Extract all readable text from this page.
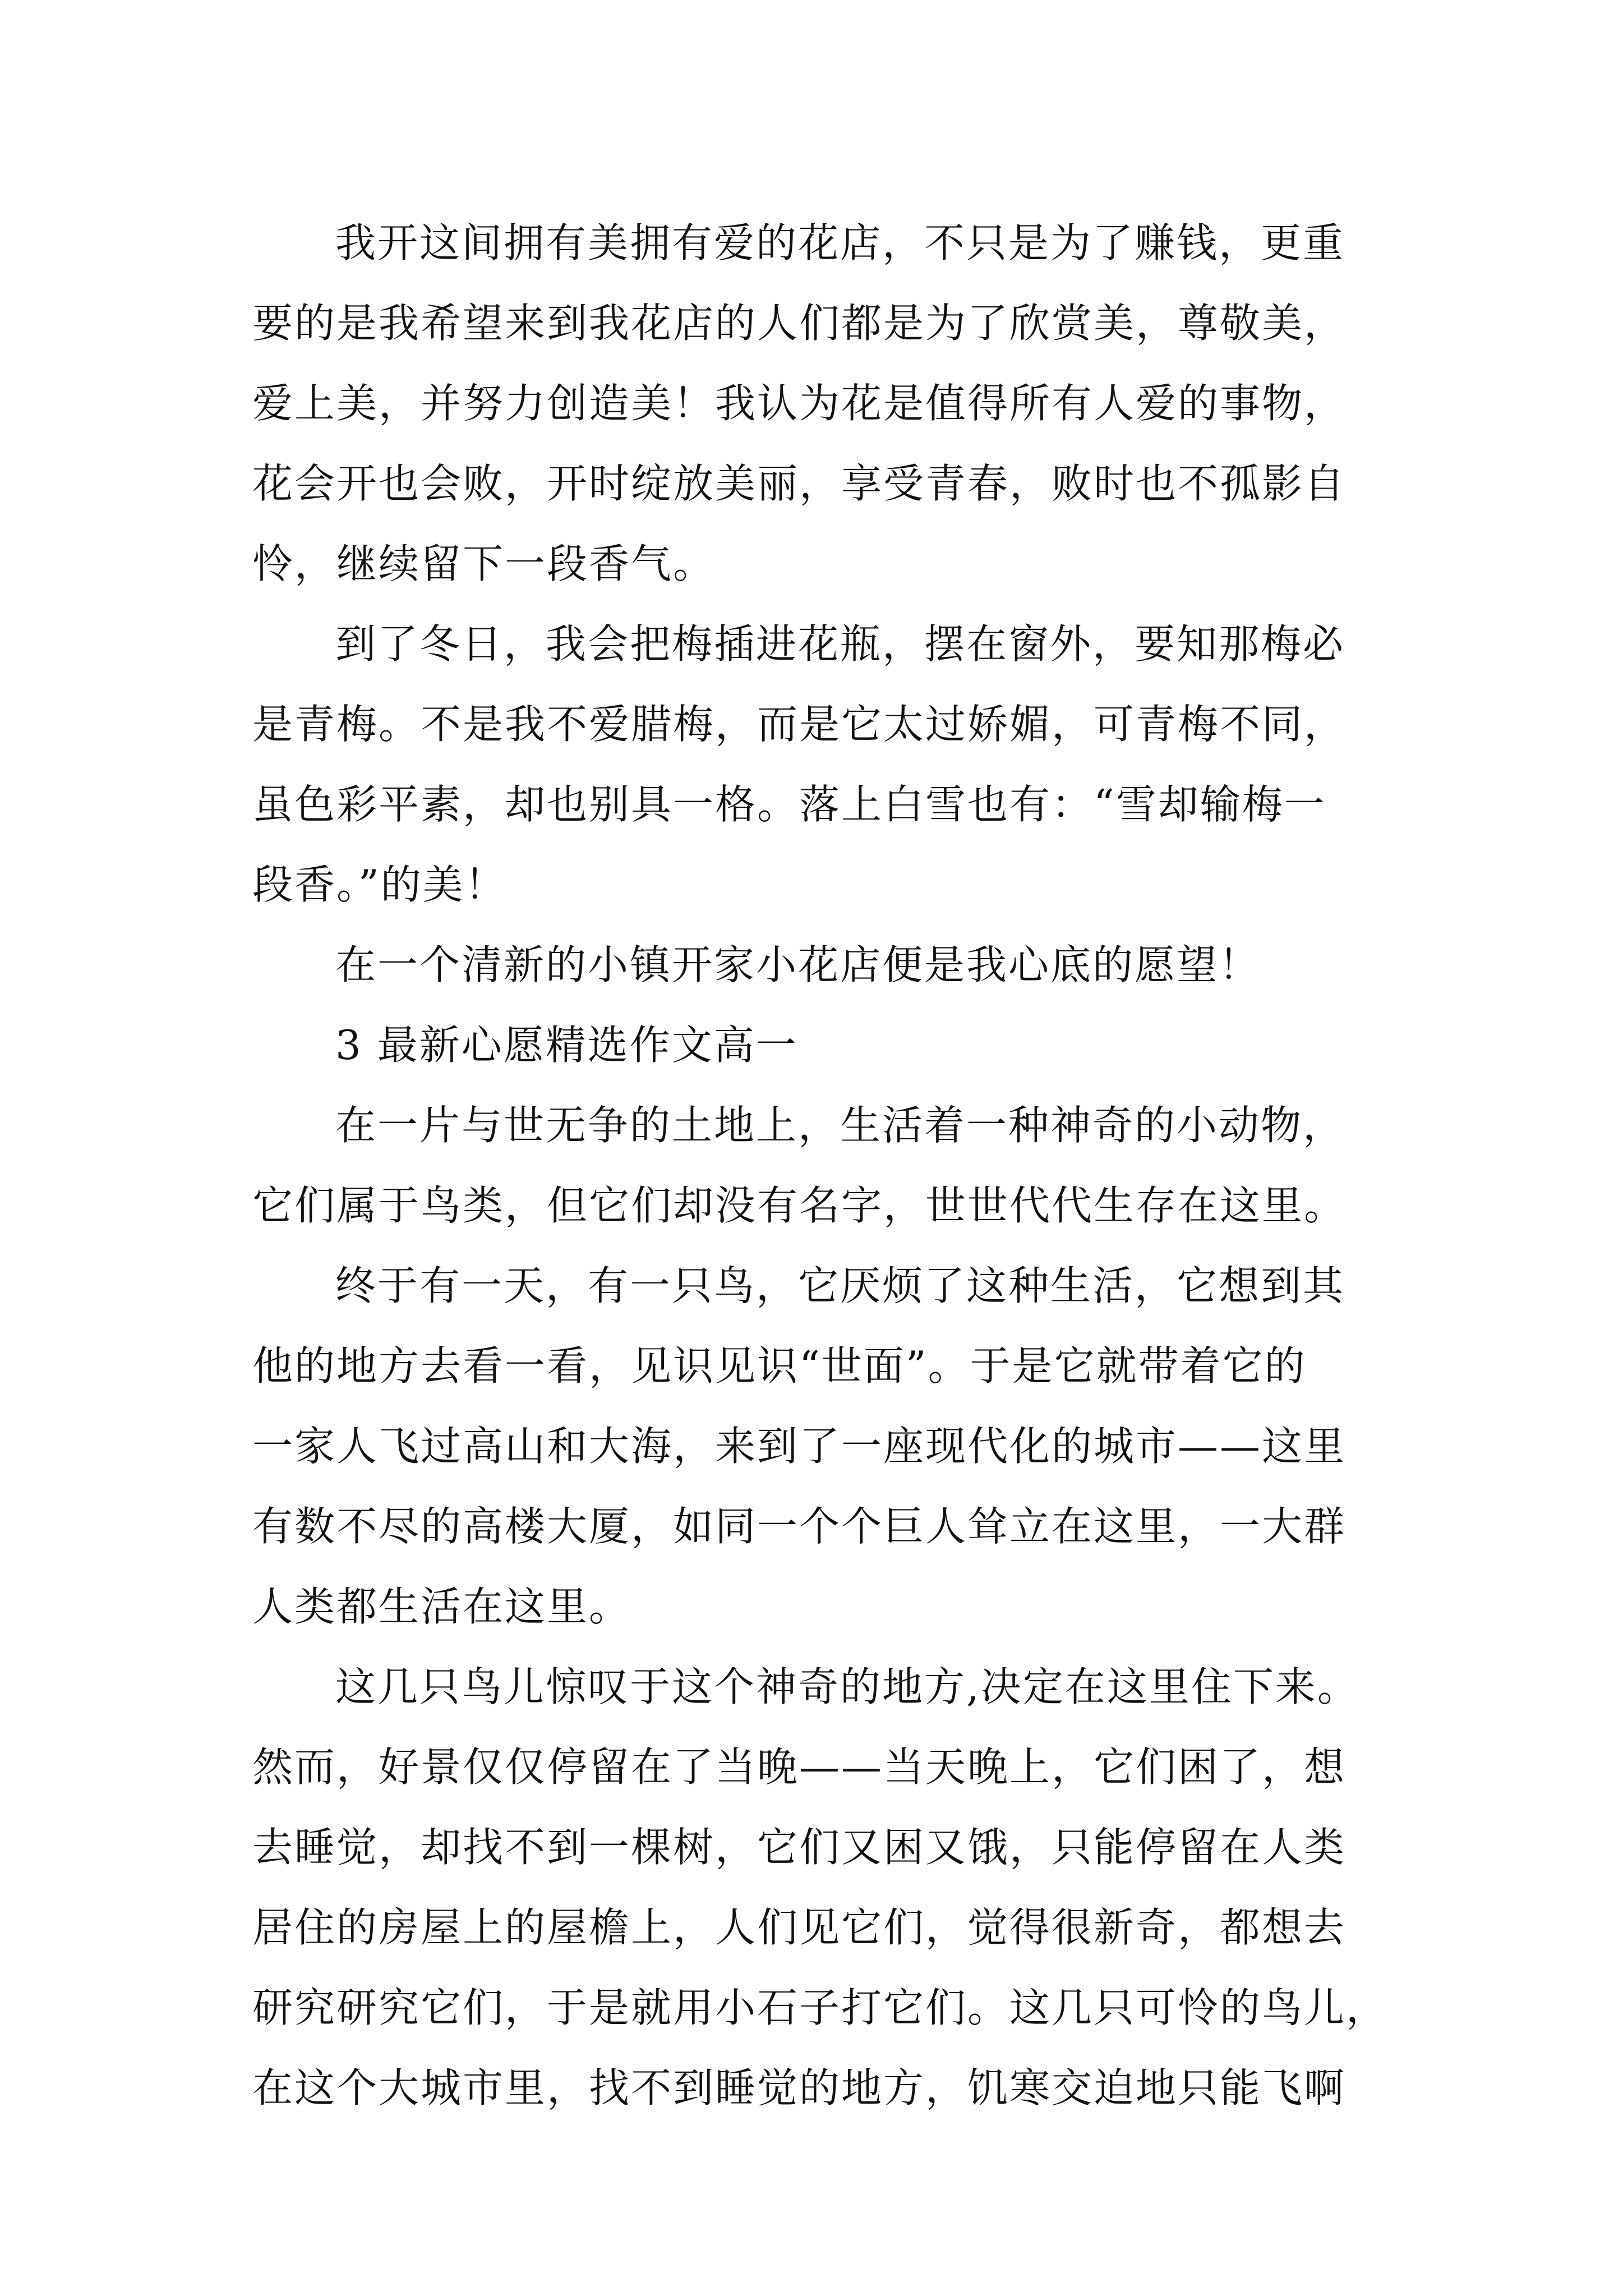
我开这间拥有美拥有爱的花店，不只是为了赚钱，更重
要的是我希望来到我花店的人们都是为了欣赏美，尊敬美，
爱上美，并努力创造美！我认为花是值得所有人爱的事物，
花会开也会败，开时绽放美丽，享受青春，败时也不孤影自
怜，继续留下一段香气。
到了冬日，我会把梅插进花瓶，摆在窗外，要知那梅必
是青梅。不是我不爱腊梅，而是它太过娇媚，可青梅不同，
虽色彩平素，却也别具一格。落上白雪也有：“雪却输梅一
段香。”的美！
在一个清新的小镇开家小花店便是我心底的愿望！
3 最新心愿精选作文高一
在一片与世无争的土地上，生活着一种神奇的小动物，
它们属于鸟类，但它们却没有名字，世世代代生存在这里。
终于有一天，有一只鸟，它厌烦了这种生活，它想到其
他的地方去看一看，见识见识“世面”。于是它就带着它的
一家人飞过高山和大海，来到了一座现代化的城市——这里
有数不尽的高楼大厦，如同一个个巨人耸立在这里，一大群
人类都生活在这里。
这几只鸟儿惊叹于这个神奇的地方,决定在这里住下来。
然而，好景仅仅停留在了当晚——当天晚上，它们困了，想
去睡觉，却找不到一棵树，它们又困又饿，只能停留在人类
居住的房屋上的屋檐上，人们见它们，觉得很新奇，都想去
研究研究它们，于是就用小石子打它们。这几只可怜的鸟儿，
在这个大城市里，找不到睡觉的地方，饥寒交迫地只能飞啊
